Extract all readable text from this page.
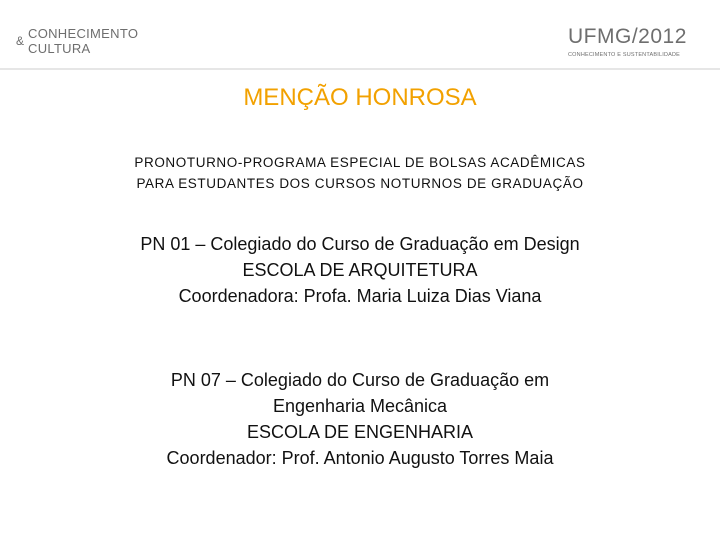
& CONHECIMENTO
CULTURA
UFMG/2012
CONHECIMENTO E SUSTENTABILIDADE
MENÇÃO HONROSA
PRONOTURNO-PROGRAMA ESPECIAL DE BOLSAS ACADÊMICAS
PARA ESTUDANTES DOS CURSOS NOTURNOS DE GRADUAÇÃO
PN 01 – Colegiado do Curso de Graduação em Design
ESCOLA DE ARQUITETURA
Coordenadora: Profa. Maria Luiza Dias Viana
PN 07 – Colegiado do Curso de Graduação em
Engenharia Mecânica
ESCOLA DE ENGENHARIA
Coordenador: Prof. Antonio Augusto Torres Maia
